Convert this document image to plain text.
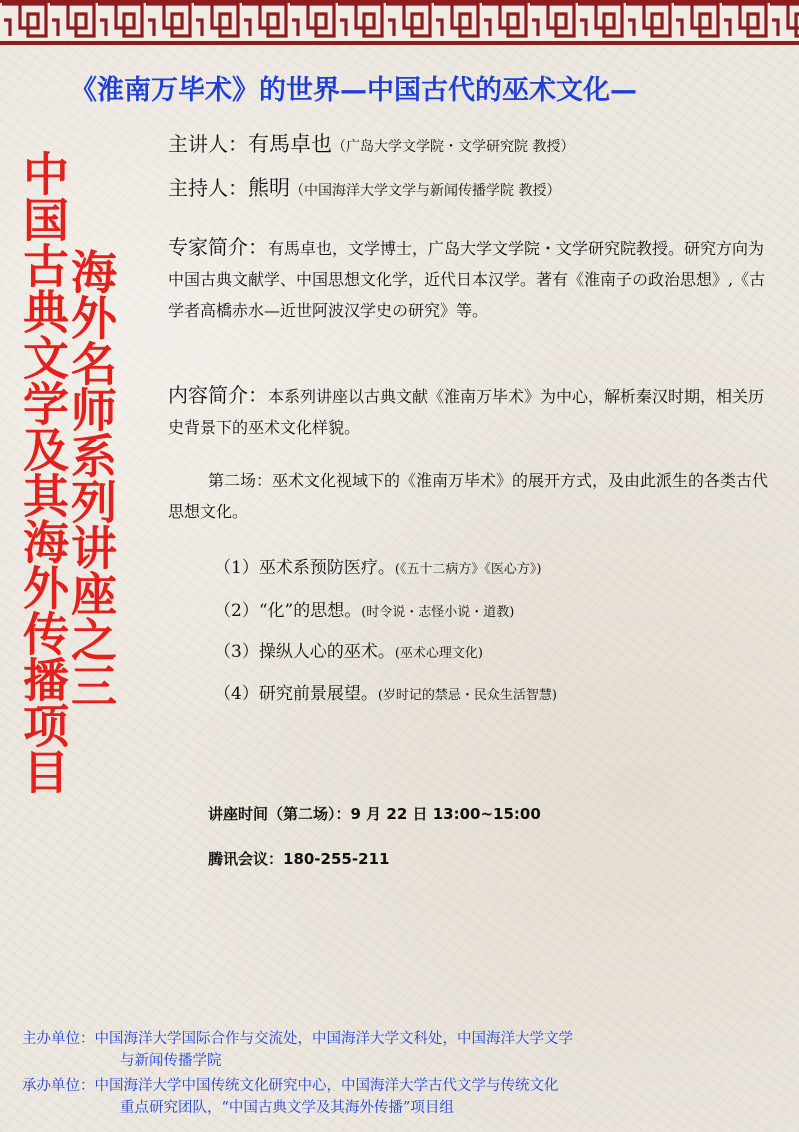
《淮南万毕术》的世界—中国古代的巫术文化—
中国古典文学及其海外传播项目
海外名师系列讲座之三
主讲人：有馬卓也（广岛大学文学院・文学研究院 教授）
主持人：熊明（中国海洋大学文学与新闻传播学院 教授）
专家简介：有馬卓也，文学博士，广岛大学文学院・文学研究院教授。研究方向为中国古典文献学、中国思想文化学，近代日本汉学。著有《淮南子の政治思想》,《古学者高橋赤水—近世阿波汉学史の研究》等。
内容简介：本系列讲座以古典文献《淮南万毕术》为中心，解析秦汉时期，相关历史背景下的巫术文化样貌。
第二场：巫术文化视域下的《淮南万毕术》的展开方式，及由此派生的各类古代思想文化。
（1）巫术系预防医疗。(《五十二病方》《医心方》)
（2）“化”的思想。(时令说・志怪小说・道教)
（3）操纵人心的巫术。(巫术心理文化)
（4）研究前景展望。(岁时记的禁忌・民众生活智慧)
讲座时间（第二场）：9 月 22 日 13:00~15:00
腾讯会议：180-255-211
主办单位：中国海洋大学国际合作与交流处，中国海洋大学文科处，中国海洋大学文学
与新闻传播学院
承办单位：中国海洋大学中国传统文化研究中心，中国海洋大学古代文学与传统文化
重点研究团队，“中国古典文学及其海外传播”项目组
